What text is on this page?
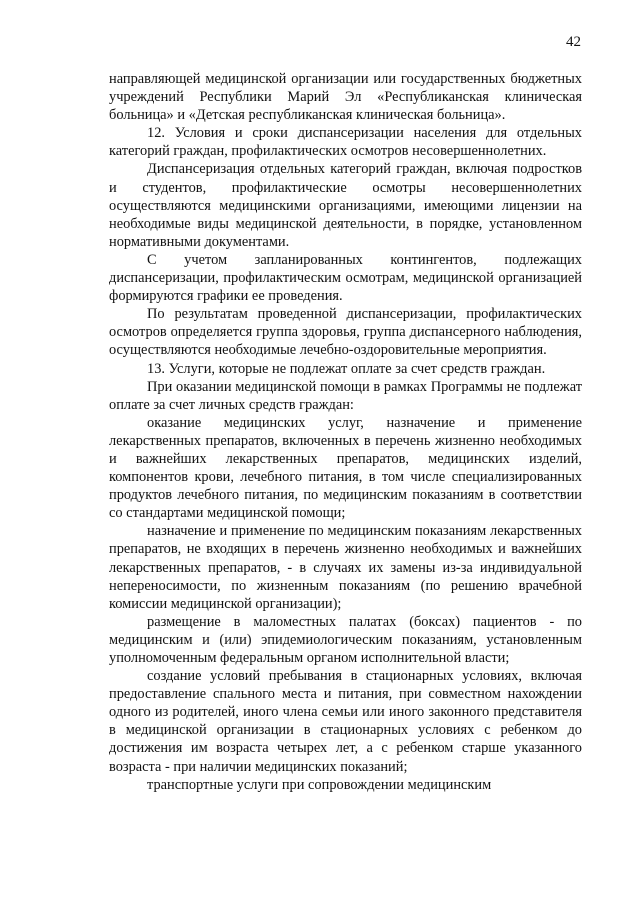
42

направляющей медицинской организации или государственных бюджетных учреждений Республики Марий Эл «Республиканская клиническая больница» и «Детская республиканская клиническая больница».

12. Условия и сроки диспансеризации населения для отдельных категорий граждан, профилактических осмотров несовершеннолетних.

Диспансеризация отдельных категорий граждан, включая подростков и студентов, профилактические осмотры несовершеннолетних осуществляются медицинскими организациями, имеющими лицензии на необходимые виды медицинской деятельности, в порядке, установленном нормативными документами.

С учетом запланированных контингентов, подлежащих диспансеризации, профилактическим осмотрам, медицинской организацией формируются графики ее проведения.

По результатам проведенной диспансеризации, профилактических осмотров определяется группа здоровья, группа диспансерного наблюдения, осуществляются необходимые лечебно-оздоровительные мероприятия.

13. Услуги, которые не подлежат оплате за счет средств граждан.

При оказании медицинской помощи в рамках Программы не подлежат оплате за счет личных средств граждан:

оказание медицинских услуг, назначение и применение лекарственных препаратов, включенных в перечень жизненно необходимых и важнейших лекарственных препаратов, медицинских изделий, компонентов крови, лечебного питания, в том числе специализированных продуктов лечебного питания, по медицинским показаниям в соответствии со стандартами медицинской помощи;

назначение и применение по медицинским показаниям лекарственных препаратов, не входящих в перечень жизненно необходимых и важнейших лекарственных препаратов, - в случаях их замены из-за индивидуальной непереносимости, по жизненным показаниям (по решению врачебной комиссии медицинской организации);

размещение в маломестных палатах (боксах) пациентов - по медицинским и (или) эпидемиологическим показаниям, установленным уполномоченным федеральным органом исполнительной власти;

создание условий пребывания в стационарных условиях, включая предоставление спального места и питания, при совместном нахождении одного из родителей, иного члена семьи или иного законного представителя в медицинской организации в стационарных условиях с ребенком до достижения им возраста четырех лет, а с ребенком старше указанного возраста - при наличии медицинских показаний;

транспортные услуги при сопровождении медицинским
